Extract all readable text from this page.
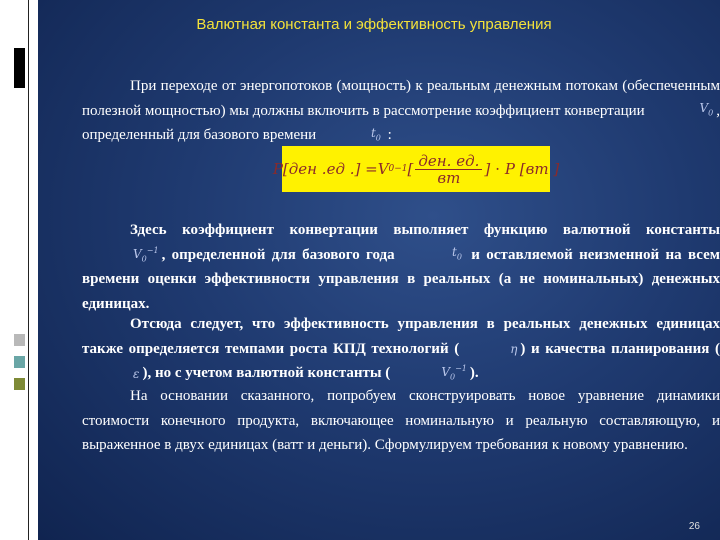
Валютная константа и эффективность управления
При переходе от энергопотоков (мощность) к реальным денежным потокам (обеспеченным полезной мощностью) мы должны включить в рассмотрение коэффициент конвертации	$V_0$ , определенный для базового времени	$t_0$ :
P[ден .ед .] = V 0 −1 [ $\frac{\text{ден. ед.}}{вт}$ ] ⋅ P [вт ]
Здесь коэффициент конвертации выполняет функцию валютной константы $V_0^{-1}$ , определенной для базового года	$t_0$ и оставляемой неизменной на всем времени оценки эффективности управления в реальных (а не номинальных) денежных единицах.
Отсюда следует, что эффективность управления в реальных денежных единицах также определяется темпами роста КПД технологий (	η ) и качества планирования (ε ), но с учетом валютной константы (	$V_0^{-1}$ ).
На основании сказанного, попробуем сконструировать новое уравнение динамики стоимости конечного продукта, включающее номинальную и реальную составляющую, и выраженное в двух единицах (ватт и деньги). Сформулируем требования к новому уравнению.
26
